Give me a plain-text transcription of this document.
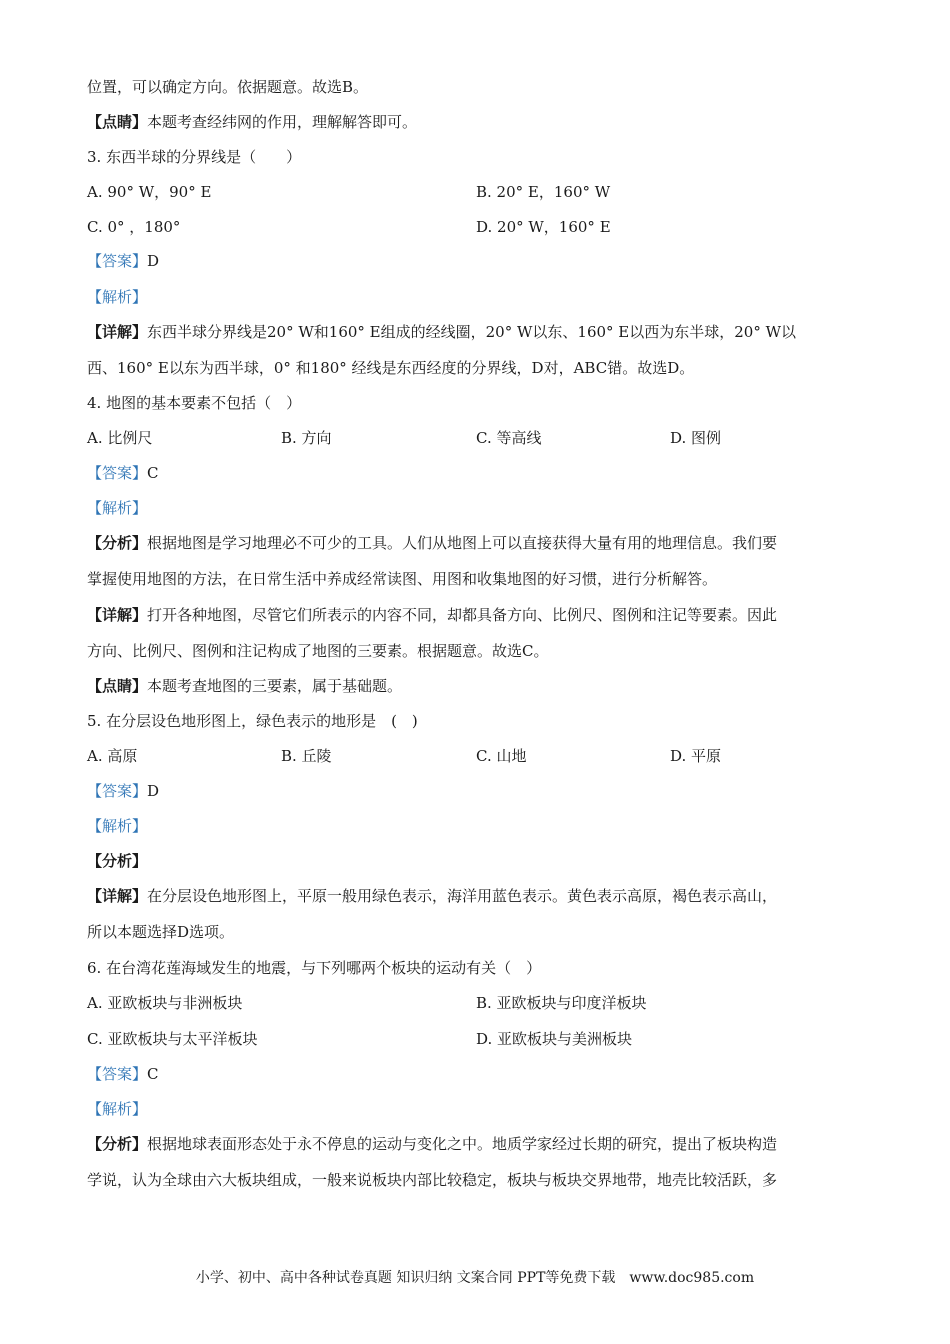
位置，可以确定方向。依据题意。故选B。
【点睛】本题考查经纬网的作用，理解解答即可。
3. 东西半球的分界线是（　　）
A. 90° W，90° E	B. 20° E，160° W
C. 0° ，180°	D. 20° W，160° E
【答案】D
【解析】
【详解】东西半球分界线是20° W和160° E组成的经线圈，20° W以东、160° E以西为东半球，20° W以
西、160° E以东为西半球，0° 和180° 经线是东西经度的分界线，D对，ABC错。故选D。
4. 地图的基本要素不包括（　）
A. 比例尺	B. 方向	C. 等高线	D. 图例
【答案】C
【解析】
【分析】根据地图是学习地理必不可少的工具。人们从地图上可以直接获得大量有用的地理信息。我们要
掌握使用地图的方法，在日常生活中养成经常读图、用图和收集地图的好习惯，进行分析解答。
【详解】打开各种地图，尽管它们所表示的内容不同，却都具备方向、比例尺、图例和注记等要素。因此
方向、比例尺、图例和注记构成了地图的三要素。根据题意。故选C。
【点睛】本题考查地图的三要素，属于基础题。
5. 在分层设色地形图上，绿色表示的地形是　(　)
A. 高原	B. 丘陵	C. 山地	D. 平原
【答案】D
【解析】
【分析】
【详解】在分层设色地形图上，平原一般用绿色表示，海洋用蓝色表示。黄色表示高原，褐色表示高山，
所以本题选择D选项。
6. 在台湾花莲海域发生的地震，与下列哪两个板块的运动有关（　）
A. 亚欧板块与非洲板块	B. 亚欧板块与印度洋板块
C. 亚欧板块与太平洋板块	D. 亚欧板块与美洲板块
【答案】C
【解析】
【分析】根据地球表面形态处于永不停息的运动与变化之中。地质学家经过长期的研究，提出了板块构造
学说，认为全球由六大板块组成，一般来说板块内部比较稳定，板块与板块交界地带，地壳比较活跃，多
小学、初中、高中各种试卷真题 知识归纳 文案合同 PPT等免费下载　www.doc985.com
